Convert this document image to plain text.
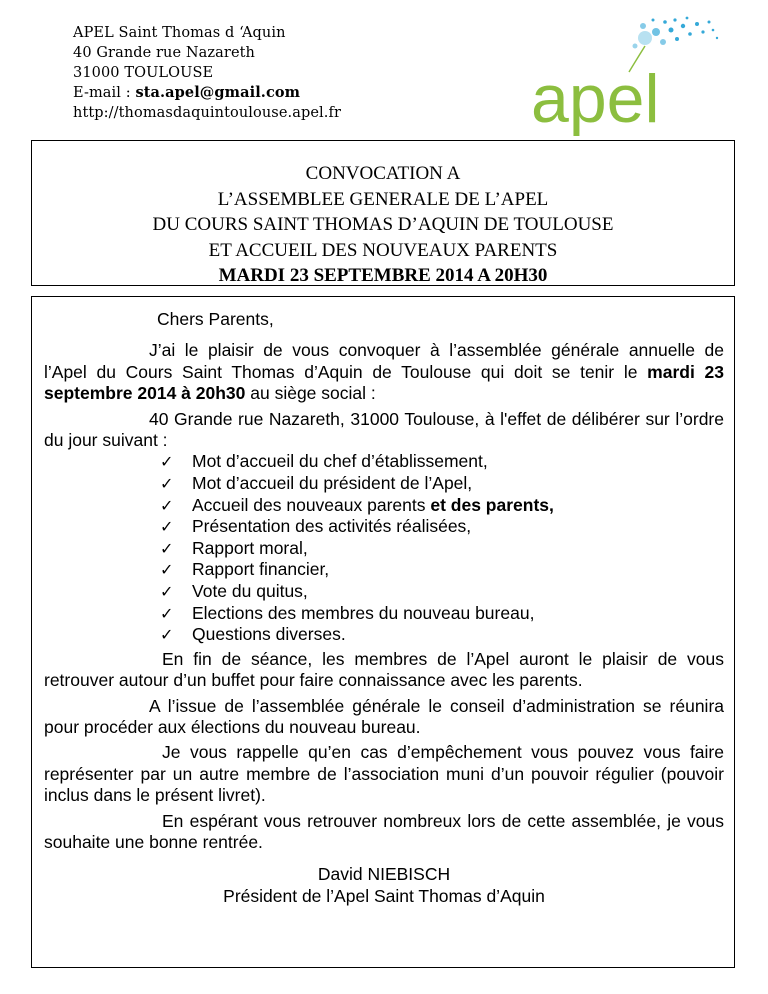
APEL Saint Thomas d ‘Aquin
40 Grande rue Nazareth
31000 TOULOUSE
E-mail : sta.apel@gmail.com
http://thomasdaquintoulouse.apel.fr	apel
CONVOCATION A
L’ASSEMBLEE GENERALE DE L’APEL
DU COURS SAINT THOMAS D’AQUIN DE TOULOUSE
ET ACCUEIL DES NOUVEAUX PARENTS
MARDI 23 SEPTEMBRE 2014 A 20H30
Chers Parents,

J’ai le plaisir de vous convoquer à l’assemblée générale annuelle de l’Apel du Cours Saint Thomas d’Aquin de Toulouse qui doit se tenir le mardi 23 septembre 2014 à 20h30 au siège social :

40 Grande rue Nazareth, 31000 Toulouse, à l'effet de délibérer sur l’ordre du jour suivant :

✓	Mot d’accueil du chef d’établissement,
✓	Mot d’accueil du président de l’Apel,
✓	Accueil des nouveaux parents et des parents,
✓	Présentation des activités réalisées,
✓	Rapport moral,
✓	Rapport financier,
✓	Vote du quitus,
✓	Elections des membres du nouveau bureau,
✓	Questions diverses.

En fin de séance, les membres de l’Apel auront le plaisir de vous retrouver autour d’un buffet pour faire connaissance avec les parents.

A l’issue de l’assemblée générale le conseil d’administration se réunira pour procéder aux élections du nouveau bureau.

Je vous rappelle qu’en cas d’empêchement vous pouvez vous faire représenter par un autre membre de l’association muni d’un pouvoir régulier (pouvoir inclus dans le présent livret).

En espérant vous retrouver nombreux lors de cette assemblée, je vous souhaite une bonne rentrée.

David NIEBISCH
Président de l’Apel Saint Thomas d’Aquin
